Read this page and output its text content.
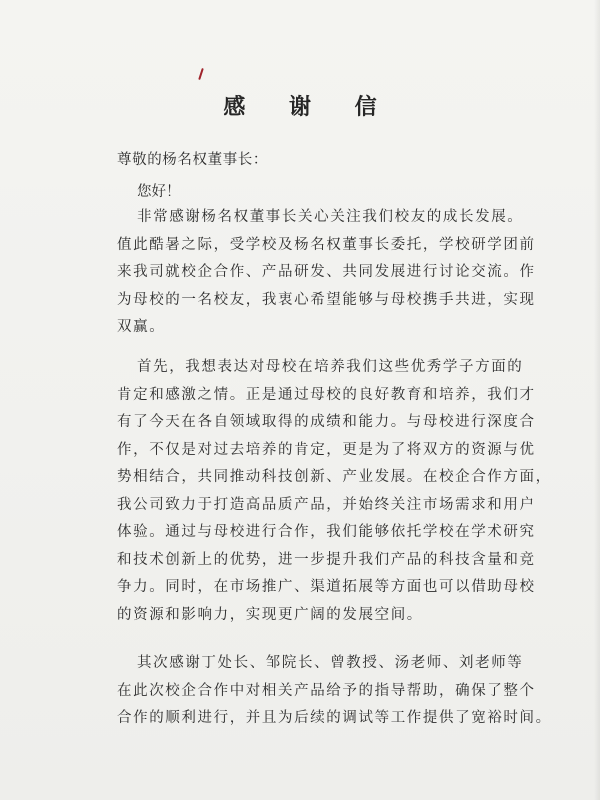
感 谢 信
尊敬的杨名权董事长：
您好！
非常感谢杨名权董事长关心关注我们校友的成长发展。
值此酷暑之际，受学校及杨名权董事长委托，学校研学团前
来我司就校企合作、产品研发、共同发展进行讨论交流。作
为母校的一名校友，我衷心希望能够与母校携手共进，实现
双赢。
首先，我想表达对母校在培养我们这些优秀学子方面的
肯定和感激之情。正是通过母校的良好教育和培养，我们才
有了今天在各自领域取得的成绩和能力。与母校进行深度合
作，不仅是对过去培养的肯定，更是为了将双方的资源与优
势相结合，共同推动科技创新、产业发展。在校企合作方面，
我公司致力于打造高品质产品，并始终关注市场需求和用户
体验。通过与母校进行合作，我们能够依托学校在学术研究
和技术创新上的优势，进一步提升我们产品的科技含量和竞
争力。同时，在市场推广、渠道拓展等方面也可以借助母校
的资源和影响力，实现更广阔的发展空间。
其次感谢丁处长、邹院长、曾教授、汤老师、刘老师等
在此次校企合作中对相关产品给予的指导帮助，确保了整个
合作的顺利进行，并且为后续的调试等工作提供了宽裕时间。
